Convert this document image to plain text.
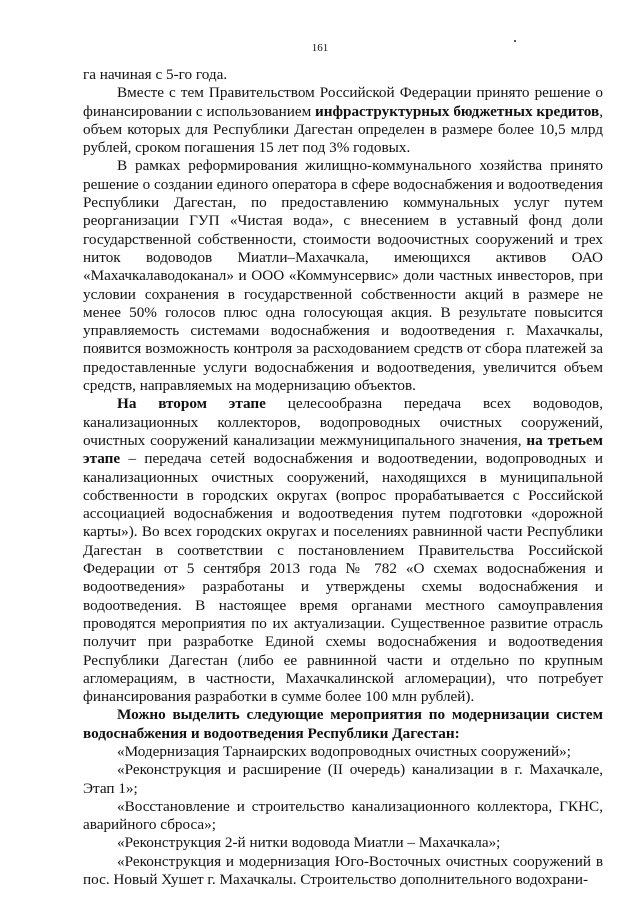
161

га начиная с 5-го года.

Вместе с тем Правительством Российской Федерации принято решение о финансировании с использованием инфраструктурных бюджетных кредитов, объем которых для Республики Дагестан определен в размере более 10,5 млрд рублей, сроком погашения 15 лет под 3% годовых.

В рамках реформирования жилищно-коммунального хозяйства принято решение о создании единого оператора в сфере водоснабжения и водоотведения Республики Дагестан, по предоставлению коммунальных услуг путем реорганизации ГУП «Чистая вода», с внесением в уставный фонд доли государственной собственности, стоимости водоочистных сооружений и трех ниток водоводов Миатли–Махачкала, имеющихся активов ОАО «Махачкалаводоканал» и ООО «Коммунсервис» доли частных инвесторов, при условии сохранения в государственной собственности акций в размере не менее 50% голосов плюс одна голосующая акция. В результате повысится управляемость системами водоснабжения и водоотведения г. Махачкалы, появится возможность контроля за расходованием средств от сбора платежей за предоставленные услуги водоснабжения и водоотведения, увеличится объем средств, направляемых на модернизацию объектов.

На втором этапе целесообразна передача всех водоводов, канализационных коллекторов, водопроводных очистных сооружений, очистных сооружений канализации межмуниципального значения, на третьем этапе – передача сетей водоснабжения и водоотведении, водопроводных и канализационных очистных сооружений, находящихся в муниципальной собственности в городских округах (вопрос прорабатывается с Российской ассоциацией водоснабжения и водоотведения путем подготовки «дорожной карты»). Во всех городских округах и поселениях равнинной части Республики Дагестан в соответствии с постановлением Правительства Российской Федерации от 5 сентября 2013 года № 782 «О схемах водоснабжения и водоотведения» разработаны и утверждены схемы водоснабжения и водоотведения. В настоящее время органами местного самоуправления проводятся мероприятия по их актуализации. Существенное развитие отрасль получит при разработке Единой схемы водоснабжения и водоотведения Республики Дагестан (либо ее равнинной части и отдельно по крупным агломерациям, в частности, Махачкалинской агломерации), что потребует финансирования разработки в сумме более 100 млн рублей).

Можно выделить следующие мероприятия по модернизации систем водоснабжения и водоотведения Республики Дагестан:

«Модернизация Тарнаирских водопроводных очистных сооружений»;

«Реконструкция и расширение (II очередь) канализации в г. Махачкале, Этап 1»;

«Восстановление и строительство канализационного коллектора, ГКНС, аварийного сброса»;

«Реконструкция 2-й нитки водовода Миатли – Махачкала»;

«Реконструкция и модернизация Юго-Восточных очистных сооружений в пос. Новый Хушет г. Махачкалы. Строительство дополнительного водохрани-
